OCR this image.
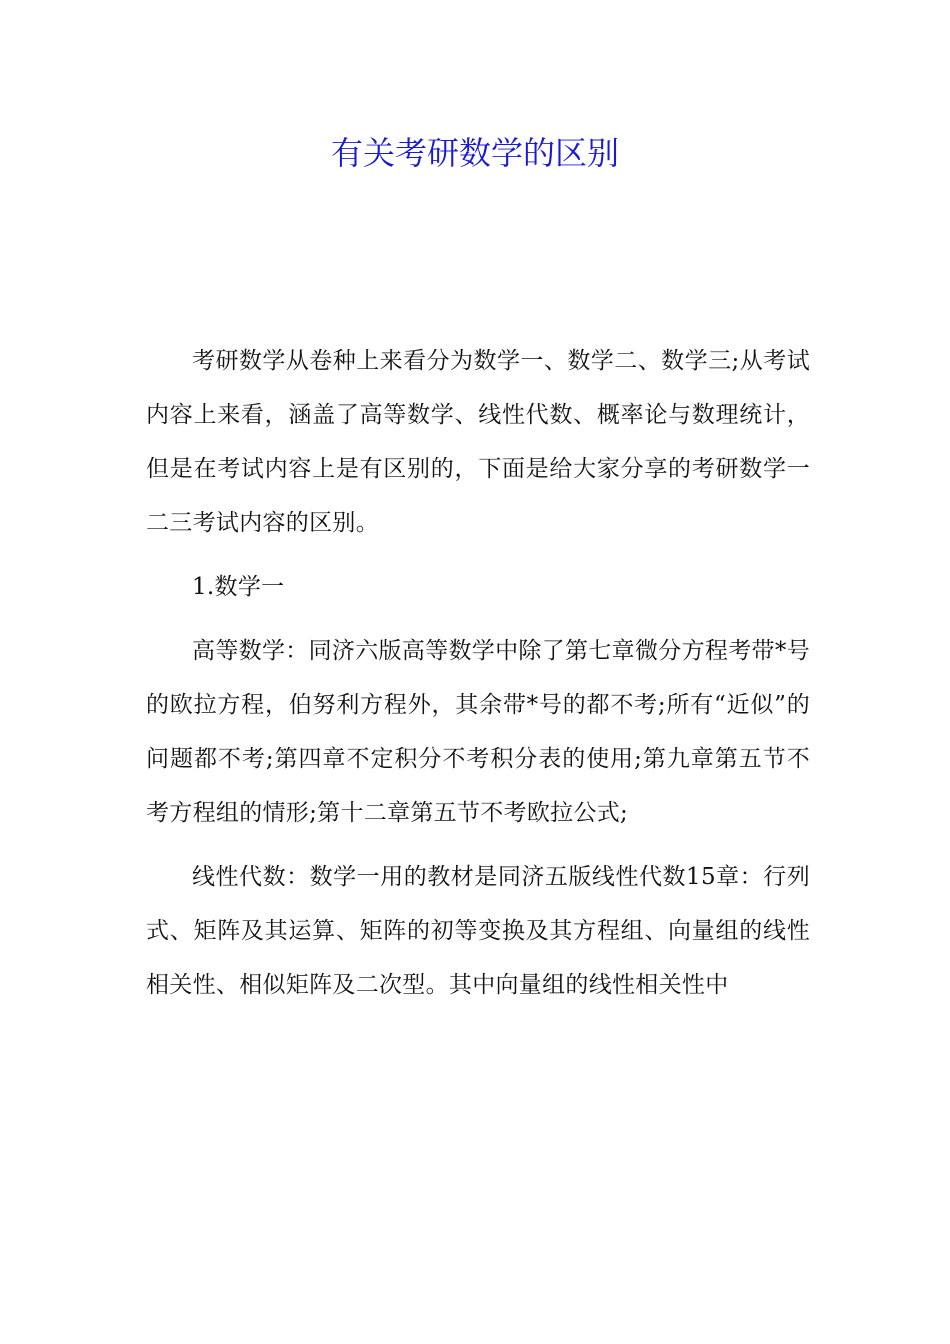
有关考研数学的区别

考研数学从卷种上来看分为数学一、数学二、数学三;从考试内容上来看，涵盖了高等数学、线性代数、概率论与数理统计，但是在考试内容上是有区别的，下面是给大家分享的考研数学一二三考试内容的区别。

1.数学一

高等数学：同济六版高等数学中除了第七章微分方程考带*号的欧拉方程，伯努利方程外，其余带*号的都不考;所有“近似”的问题都不考;第四章不定积分不考积分表的使用;第九章第五节不考方程组的情形;第十二章第五节不考欧拉公式;

线性代数：数学一用的教材是同济五版线性代数15章：行列式、矩阵及其运算、矩阵的初等变换及其方程组、向量组的线性相关性、相似矩阵及二次型。其中向量组的线性相关性中
